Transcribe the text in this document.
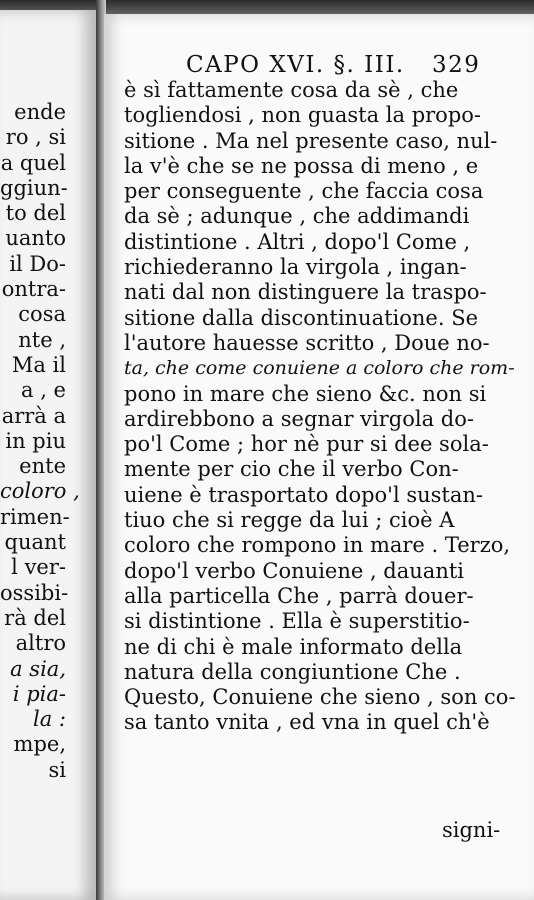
ende
ro , si
a quel
ggiun-
to del
uanto
il Do-
ontra-
cosa
nte ,
Ma il
a , e
arrà a
in piu
ente
coloro ,
rimen-
quant
l ver-
ossibi-
rà del
altro
a sia,
i pia-
la :
mpe,
si
CAPO XVI. §. III. 329
è sì fattamente cosa da sè , che
togliendosi , non guasta la propo-
sitione . Ma nel presente caso, nul-
la v'è che se ne possa di meno , e
per conseguente , che faccia cosa
da sè ; adunque , che addimandi
distintione . Altri , dopo'l Come ,
richiederanno la virgola , ingan-
nati dal non distinguere la traspo-
sitione dalla discontinuatione. Se
l'autore hauesse scritto , Doue no-
ta, che come conuiene a coloro che rom-
pono in mare che sieno &c. non si
ardirebbono a segnar virgola do-
po'l Come ; hor nè pur si dee sola-
mente per cio che il verbo Con-
uiene è trasportato dopo'l sustan-
tiuo che si regge da lui ; cioè A
coloro che rompono in mare . Terzo,
dopo'l verbo Conuiene , dauanti
alla particella Che , parrà douer-
si distintione . Ella è superstitio-
ne di chi è male informato della
natura della congiuntione Che .
Questo, Conuiene che sieno , son co-
sa tanto vnita , ed vna in quel ch'è
signi-
